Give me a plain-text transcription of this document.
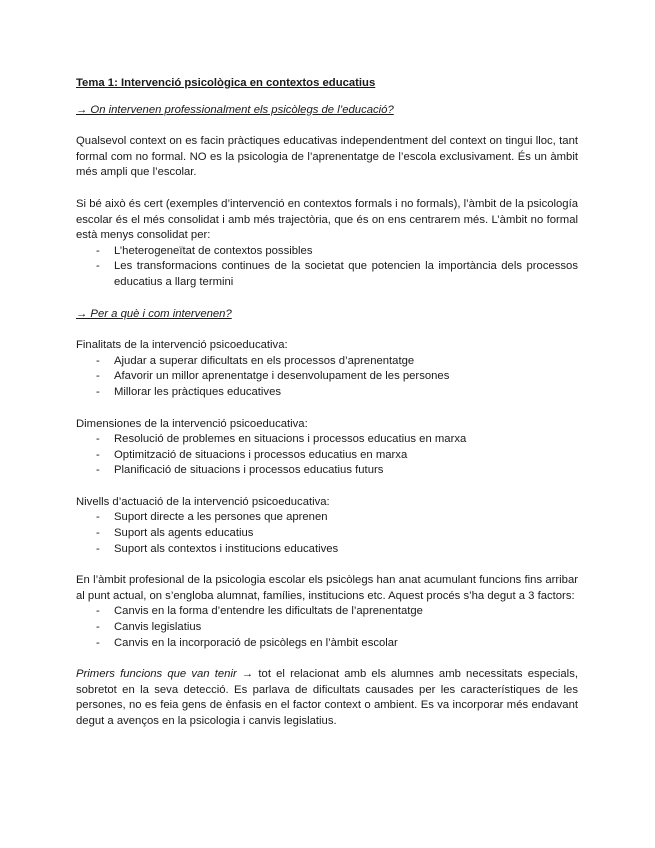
Tema 1: Intervenció psicològica en contextos educatius

→ On intervenen professionalment els psicòlegs de l’educació?

Qualsevol context on es facin pràctiques educativas independentment del context on tingui lloc, tant formal com no formal. NO es la psicologia de l’aprenentatge de l’escola exclusivament. És un àmbit més ampli que l’escolar.

Si bé això és cert (exemples d’intervenció en contextos formals i no formals), l’àmbit de la psicología escolar és el més consolidat i amb més trajectòria, que és on ens centrarem més. L’àmbit no formal està menys consolidat per:

- L’heterogeneïtat de contextos possibles
- Les transformacions continues de la societat que potencien la importància dels processos educatius a llarg termini

→ Per a què i com intervenen?

Finalitats de la intervenció psicoeducativa:

- Ajudar a superar dificultats en els processos d’aprenentatge
- Afavorir un millor aprenentatge i desenvolupament de les persones
- Millorar les pràctiques educatives

Dimensiones de la intervenció psicoeducativa:

- Resolució de problemes en situacions i processos educatius en marxa
- Optimització de situacions i processos educatius en marxa
- Planificació de situacions i processos educatius futurs

Nivells d’actuació de la intervenció psicoeducativa:

- Suport directe a les persones que aprenen
- Suport als agents educatius
- Suport als contextos i institucions educatives

En l’àmbit profesional de la psicologia escolar els psicòlegs han anat acumulant funcions fins arribar al punt actual, on s’engloba alumnat, famílies, institucions etc. Aquest procés s’ha degut a 3 factors:

- Canvis en la forma d’entendre les dificultats de l’aprenentatge
- Canvis legislatius
- Canvis en la incorporació de psicòlegs en l’àmbit escolar

Primers funcions que van tenir → tot el relacionat amb els alumnes amb necessitats especials, sobretot en la seva detecció. Es parlava de dificultats causades per les característiques de les persones, no es feia gens de ènfasis en el factor context o ambient. Es va incorporar més endavant degut a avenços en la psicologia i canvis legislatius.
